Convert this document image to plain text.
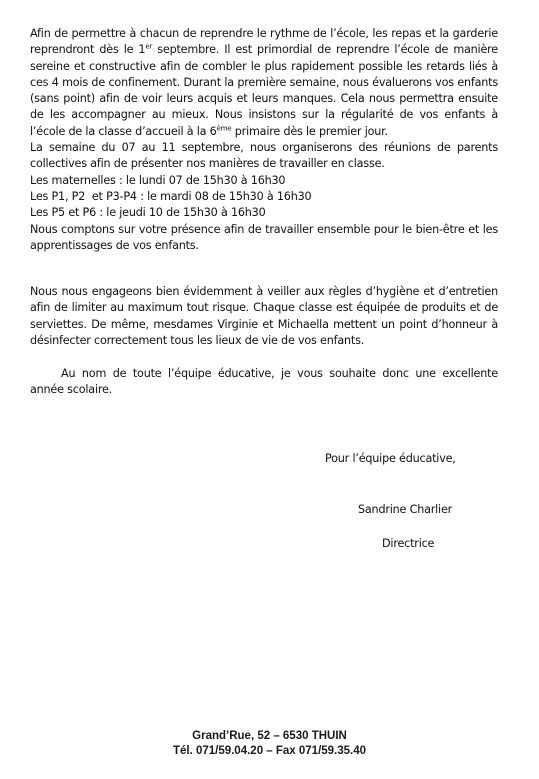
Afin de permettre à chacun de reprendre le rythme de l’école, les repas et la garderie reprendront dès le 1er septembre. Il est primordial de reprendre l’école de manière sereine et constructive afin de combler le plus rapidement possible les retards liés à ces 4 mois de confinement. Durant la première semaine, nous évaluerons vos enfants (sans point) afin de voir leurs acquis et leurs manques. Cela nous permettra ensuite de les accompagner au mieux. Nous insistons sur la régularité de vos enfants à l’école de la classe d’accueil à la 6ème primaire dès le premier jour.

La semaine du 07 au 11 septembre, nous organiserons des réunions de parents collectives afin de présenter nos manières de travailler en classe.

Les maternelles : le lundi 07 de 15h30 à 16h30
Les P1, P2  et P3-P4 : le mardi 08 de 15h30 à 16h30
Les P5 et P6 : le jeudi 10 de 15h30 à 16h30

Nous comptons sur votre présence afin de travailler ensemble pour le bien-être et les apprentissages de vos enfants.

Nous nous engageons bien évidemment à veiller aux règles d’hygiène et d’entretien afin de limiter au maximum tout risque. Chaque classe est équipée de produits et de serviettes. De même, mesdames Virginie et Michaella mettent un point d’honneur à désinfecter correctement tous les lieux de vie de vos enfants.

Au nom de toute l’équipe éducative, je vous souhaite donc une excellente année scolaire.

Pour l’équipe éducative,
Sandrine Charlier
Directrice
Grand’Rue, 52 – 6530 THUIN
Tél. 071/59.04.20 – Fax 071/59.35.40
